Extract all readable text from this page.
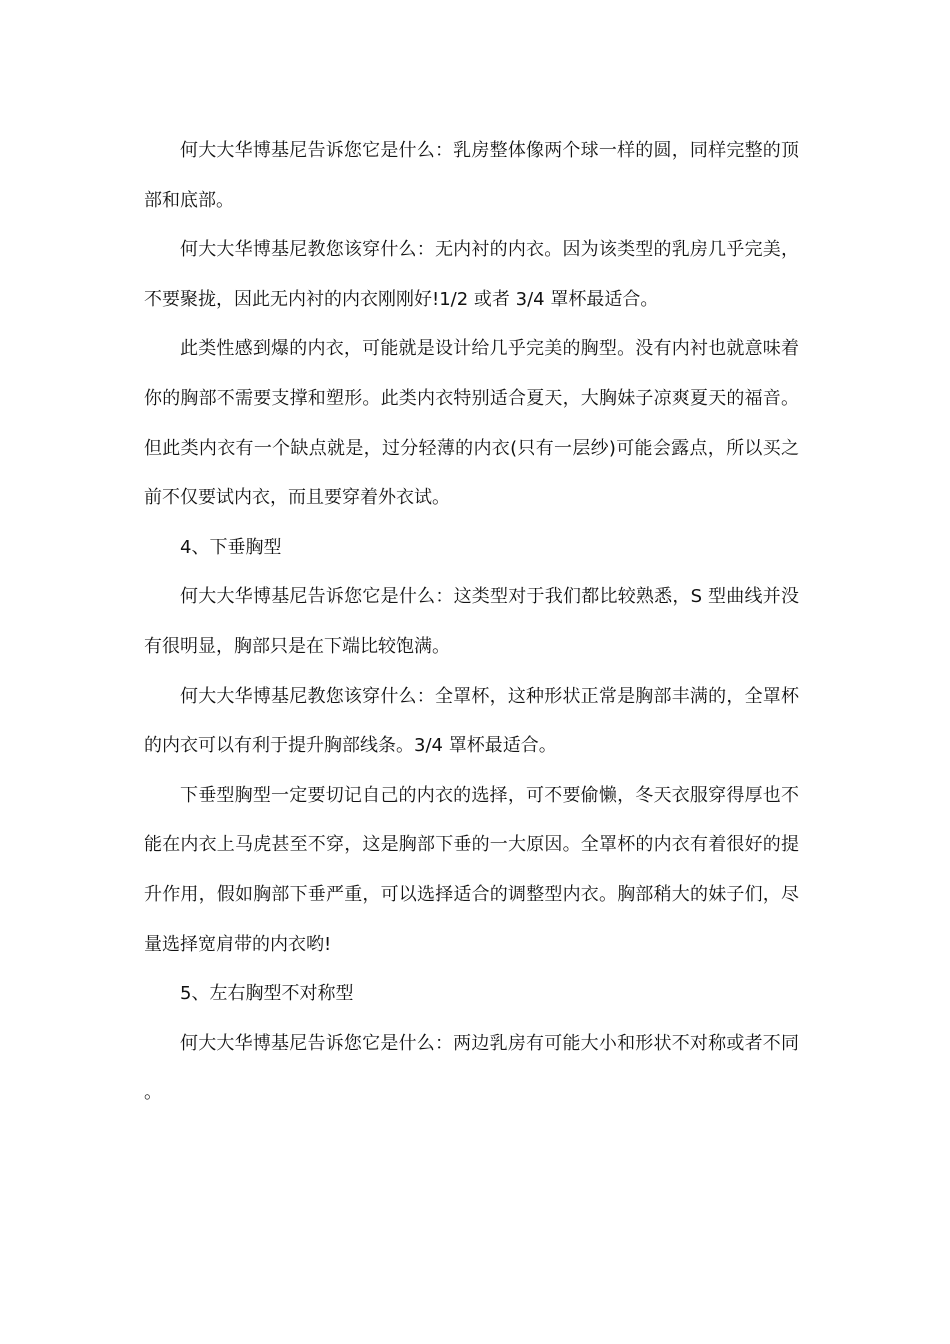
何大大华博基尼告诉您它是什么：乳房整体像两个球一样的圆，同样完整的顶部和底部。

何大大华博基尼教您该穿什么：无内衬的内衣。因为该类型的乳房几乎完美，不要聚拢，因此无内衬的内衣刚刚好!1/2 或者 3/4 罩杯最适合。

此类性感到爆的内衣，可能就是设计给几乎完美的胸型。没有内衬也就意味着你的胸部不需要支撑和塑形。此类内衣特别适合夏天，大胸妹子凉爽夏天的福音。但此类内衣有一个缺点就是，过分轻薄的内衣(只有一层纱)可能会露点，所以买之前不仅要试内衣，而且要穿着外衣试。

4、下垂胸型

何大大华博基尼告诉您它是什么：这类型对于我们都比较熟悉，S 型曲线并没有很明显，胸部只是在下端比较饱满。

何大大华博基尼教您该穿什么：全罩杯，这种形状正常是胸部丰满的，全罩杯的内衣可以有利于提升胸部线条。3/4 罩杯最适合。

下垂型胸型一定要切记自己的内衣的选择，可不要偷懒，冬天衣服穿得厚也不能在内衣上马虎甚至不穿，这是胸部下垂的一大原因。全罩杯的内衣有着很好的提升作用，假如胸部下垂严重，可以选择适合的调整型内衣。胸部稍大的妹子们，尽量选择宽肩带的内衣哟!

5、左右胸型不对称型

何大大华博基尼告诉您它是什么：两边乳房有可能大小和形状不对称或者不同。
